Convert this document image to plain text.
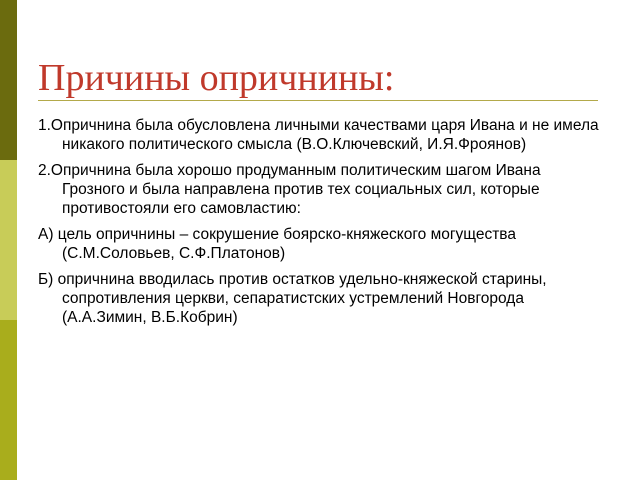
Причины опричнины:

1.Опричнина была обусловлена личными качествами царя Ивана и не имела никакого политического смысла (В.О.Ключевский, И.Я.Фроянов)

2.Опричнина была хорошо продуманным политическим шагом Ивана Грозного и была направлена против тех социальных сил, которые противостояли его самовластию:

А) цель опричнины – сокрушение боярско-княжеского могущества (С.М.Соловьев, С.Ф.Платонов)

Б) опричнина вводилась против остатков удельно-княжеской старины, сопротивления церкви, сепаратистских устремлений Новгорода (А.А.Зимин, В.Б.Кобрин)
